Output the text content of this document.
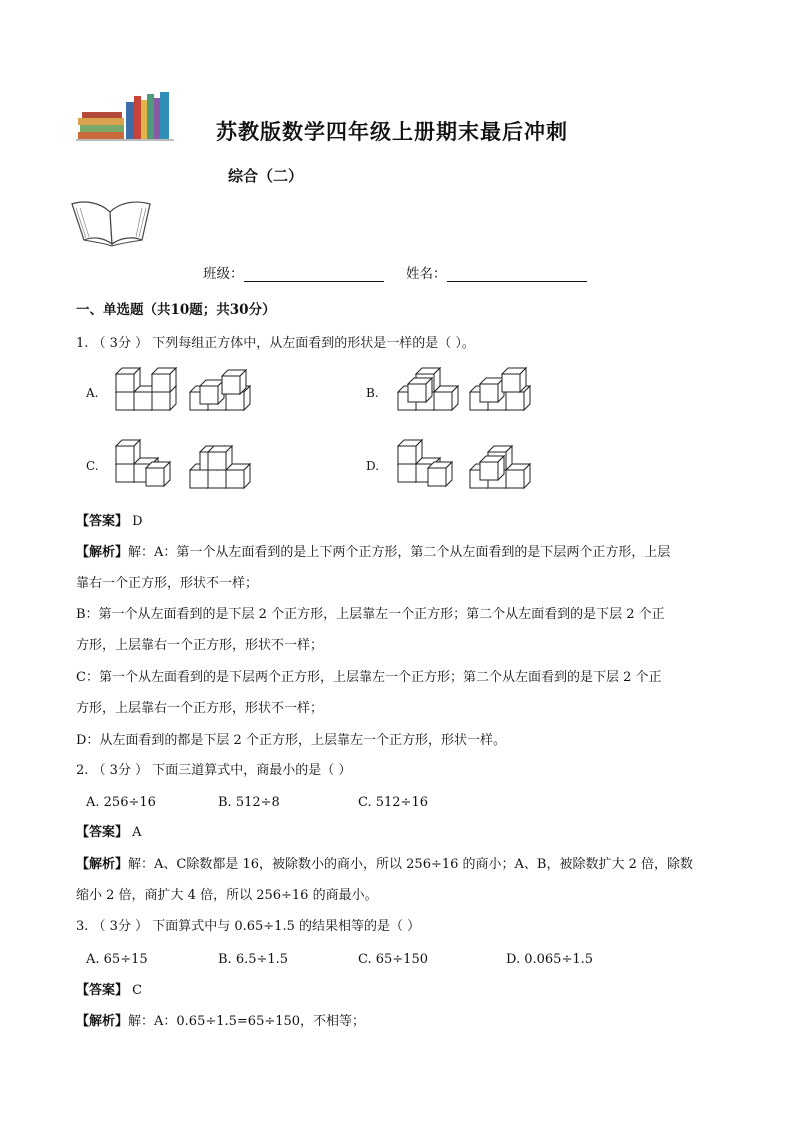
苏教版数学四年级上册期末最后冲刺
综合（二）
班级：	姓名：
一、单选题（共10题；共30分）
1. （ 3分 ） 下列每组正方体中，从左面看到的形状是一样的是（ ）。
A.	B.
C.	D.
【答案】 D
【解析】解：A：第一个从左面看到的是上下两个正方形，第二个从左面看到的是下层两个正方形，上层
靠右一个正方形，形状不一样；
B：第一个从左面看到的是下层 2 个正方形，上层靠左一个正方形；第二个从左面看到的是下层 2 个正
方形，上层靠右一个正方形，形状不一样；
C：第一个从左面看到的是下层两个正方形，上层靠左一个正方形；第二个从左面看到的是下层 2 个正
方形，上层靠右一个正方形，形状不一样；
D：从左面看到的都是下层 2 个正方形，上层靠左一个正方形，形状一样。
2. （ 3分 ） 下面三道算式中，商最小的是（ ）
A. 256÷16	B. 512÷8	C. 512÷16
【答案】 A
【解析】解：A、C除数都是 16，被除数小的商小，所以 256÷16 的商小；A、B，被除数扩大 2 倍，除数
缩小 2 倍，商扩大 4 倍，所以 256÷16 的商最小。
3. （ 3分 ） 下面算式中与 0.65÷1.5 的结果相等的是（ ）
A. 65÷15	B. 6.5÷1.5	C. 65÷150	D. 0.065÷1.5
【答案】 C
【解析】解：A：0.65÷1.5=65÷150，不相等；
